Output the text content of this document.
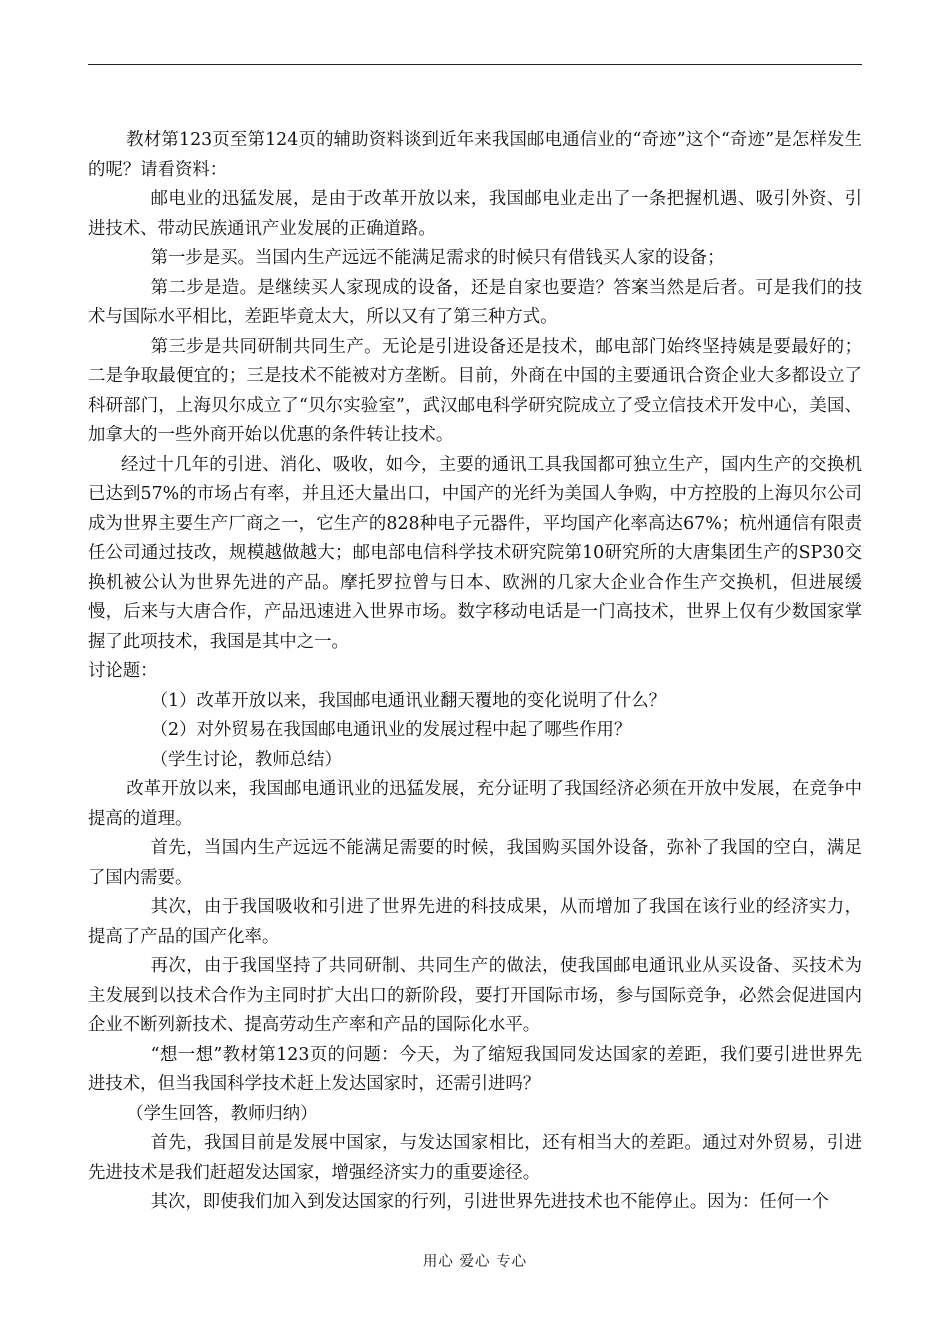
教材第123页至第124页的辅助资料谈到近年来我国邮电通信业的“奇迹”这个“奇迹”是怎样发生的呢？请看资料：

邮电业的迅猛发展，是由于改革开放以来，我国邮电业走出了一条把握机遇、吸引外资、引进技术、带动民族通讯产业发展的正确道路。

第一步是买。当国内生产远远不能满足需求的时候只有借钱买人家的设备；

第二步是造。是继续买人家现成的设备，还是自家也要造？答案当然是后者。可是我们的技术与国际水平相比，差距毕竟太大，所以又有了第三种方式。

第三步是共同研制共同生产。无论是引进设备还是技术，邮电部门始终坚持姨是要最好的；二是争取最便宜的；三是技术不能被对方垄断。目前，外商在中国的主要通讯合资企业大多都设立了科研部门，上海贝尔成立了“贝尔实验室”，武汉邮电科学研究院成立了受立信技术开发中心，美国、加拿大的一些外商开始以优惠的条件转让技术。

经过十几年的引进、消化、吸收，如今，主要的通讯工具我国都可独立生产，国内生产的交换机已达到57%的市场占有率，并且还大量出口，中国产的光纤为美国人争购，中方控股的上海贝尔公司成为世界主要生产厂商之一，它生产的828种电子元器件，平均国产化率高达67%；杭州通信有限责任公司通过技改，规模越做越大；邮电部电信科学技术研究院第10研究所的大唐集团生产的SP30交换机被公认为世界先进的产品。摩托罗拉曾与日本、欧洲的几家大企业合作生产交换机，但进展缓慢，后来与大唐合作，产品迅速进入世界市场。数字移动电话是一门高技术，世界上仅有少数国家掌握了此项技术，我国是其中之一。

讨论题：

（1）改革开放以来，我国邮电通讯业翻天覆地的变化说明了什么？

（2）对外贸易在我国邮电通讯业的发展过程中起了哪些作用？

（学生讨论，教师总结）

改革开放以来，我国邮电通讯业的迅猛发展，充分证明了我国经济必须在开放中发展，在竞争中提高的道理。

首先，当国内生产远远不能满足需要的时候，我国购买国外设备，弥补了我国的空白，满足了国内需要。

其次，由于我国吸收和引进了世界先进的科技成果，从而增加了我国在该行业的经济实力，提高了产品的国产化率。

再次，由于我国坚持了共同研制、共同生产的做法，使我国邮电通讯业从买设备、买技术为主发展到以技术合作为主同时扩大出口的新阶段，要打开国际市场，参与国际竞争，必然会促进国内企业不断列新技术、提高劳动生产率和产品的国际化水平。

“想一想”教材第123页的问题：今天，为了缩短我国同发达国家的差距，我们要引进世界先进技术，但当我国科学技术赶上发达国家时，还需引进吗？

（学生回答，教师归纳）

首先，我国目前是发展中国家，与发达国家相比，还有相当大的差距。通过对外贸易，引进先进技术是我们赶超发达国家，增强经济实力的重要途径。

其次，即使我们加入到发达国家的行列，引进世界先进技术也不能停止。因为：任何一个

用心 爱心 专心
